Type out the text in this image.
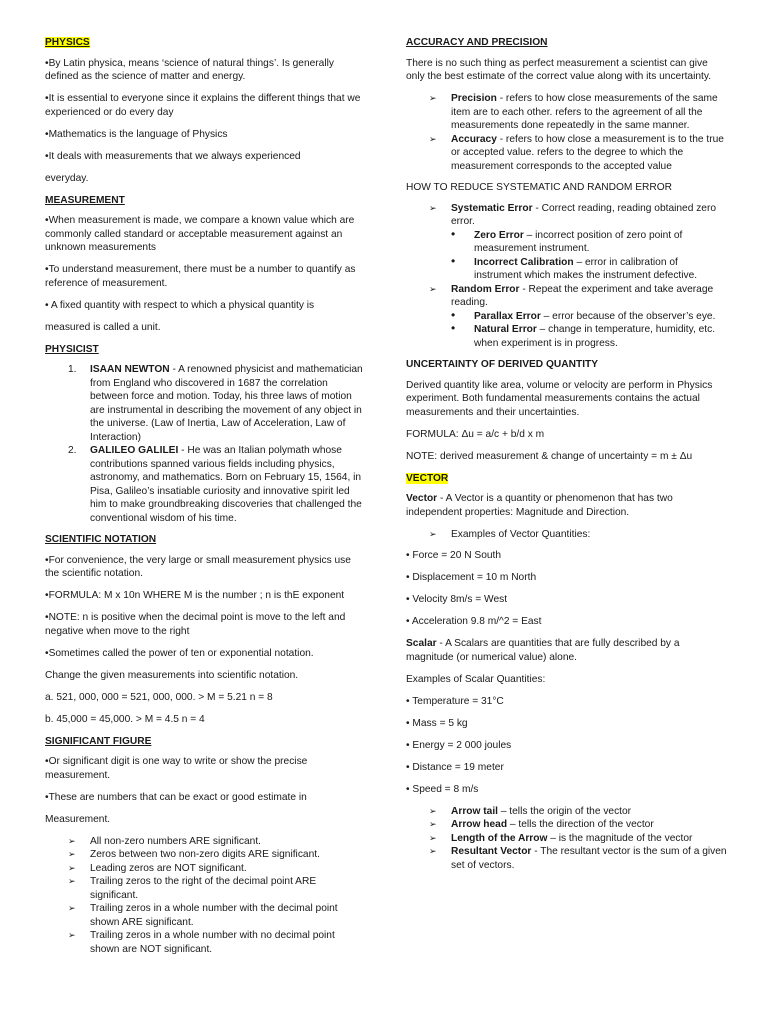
PHYSICS

•By Latin physica, means ‘science of natural things’. Is generally defined as the science of matter and energy.

•It is essential to everyone since it explains the different things that we experienced or do every day

•Mathematics is the language of Physics

•It deals with measurements that we always experienced

everyday.

MEASUREMENT

•When measurement is made, we compare a known value which are commonly called standard or acceptable measurement against an unknown measurements

•To understand measurement, there must be a number to quantify as reference of measurement.

• A fixed quantity with respect to which a physical quantity is

measured is called a unit.

PHYSICIST

1. ISAAN NEWTON - A renowned physicist and mathematician from England who discovered in 1687 the correlation between force and motion. Today, his three laws of motion are instrumental in describing the movement of any object in the universe. (Law of Inertia, Law of Acceleration, Law of Interaction)
2. GALILEO GALILEI - He was an Italian polymath whose contributions spanned various fields including physics, astronomy, and mathematics. Born on February 15, 1564, in Pisa, Galileo’s insatiable curiosity and innovative spirit led him to make groundbreaking discoveries that challenged the conventional wisdom of his time.

SCIENTIFIC NOTATION

•For convenience, the very large or small measurement physics use the scientific notation.

•FORMULA: M x 10n WHERE M is the number ; n is thE exponent

•NOTE: n is positive when the decimal point is move to the left and negative when move to the right

•Sometimes called the power of ten or exponential notation.

Change the given measurements into scientific notation.

a. 521, 000, 000 = 521, 000, 000. > M = 5.21 n = 8

b. 45,000 = 45,000. > M = 4.5 n = 4

SIGNIFICANT FIGURE

•Or significant digit is one way to write or show the precise measurement.

•These are numbers that can be exact or good estimate in

Measurement.

➢ All non-zero numbers ARE significant.
➢ Zeros between two non-zero digits ARE significant.
➢ Leading zeros are NOT significant.
➢ Trailing zeros to the right of the decimal point ARE significant.
➢ Trailing zeros in a whole number with the decimal point shown ARE significant.
➢ Trailing zeros in a whole number with no decimal point shown are NOT significant.

ACCURACY AND PRECISION

There is no such thing as perfect measurement a scientist can give only the best estimate of the correct value along with its uncertainty.

➢ Precision - refers to how close measurements of the same item are to each other. refers to the agreement of all the measurements done repeatedly in the same manner.
➢ Accuracy - refers to how close a measurement is to the true or accepted value. refers to the degree to which the measurement corresponds to the accepted value

HOW TO REDUCE SYSTEMATIC AND RANDOM ERROR

➢ Systematic Error - Correct reading, reading obtained zero error.
• Zero Error – incorrect position of zero point of measurement instrument.
• Incorrect Calibration – error in calibration of instrument which makes the instrument defective.
➢ Random Error - Repeat the experiment and take average reading.
• Parallax Error – error because of the observer’s eye.
• Natural Error – change in temperature, humidity, etc. when experiment is in progress.

UNCERTAINTY OF DERIVED QUANTITY

Derived quantity like area, volume or velocity are perform in Physics experiment. Both fundamental measurements contains the actual measurements and their uncertainties.

FORMULA: Δu = a/c + b/d x m

NOTE: derived measurement & change of uncertainty = m ± Δu

VECTOR

Vector - A Vector is a quantity or phenomenon that has two independent properties: Magnitude and Direction.

➢ Examples of Vector Quantities:

• Force = 20 N South

• Displacement = 10 m North

• Velocity 8m/s = West

• Acceleration 9.8 m/^2 = East

Scalar - A Scalars are quantities that are fully described by a magnitude (or numerical value) alone.

Examples of Scalar Quantities:

• Temperature = 31°C

• Mass = 5 kg

• Energy = 2 000 joules

• Distance = 19 meter

• Speed = 8 m/s

➢ Arrow tail – tells the origin of the vector
➢ Arrow head – tells the direction of the vector
➢ Length of the Arrow – is the magnitude of the vector
➢ Resultant Vector - The resultant vector is the sum of a given set of vectors.
